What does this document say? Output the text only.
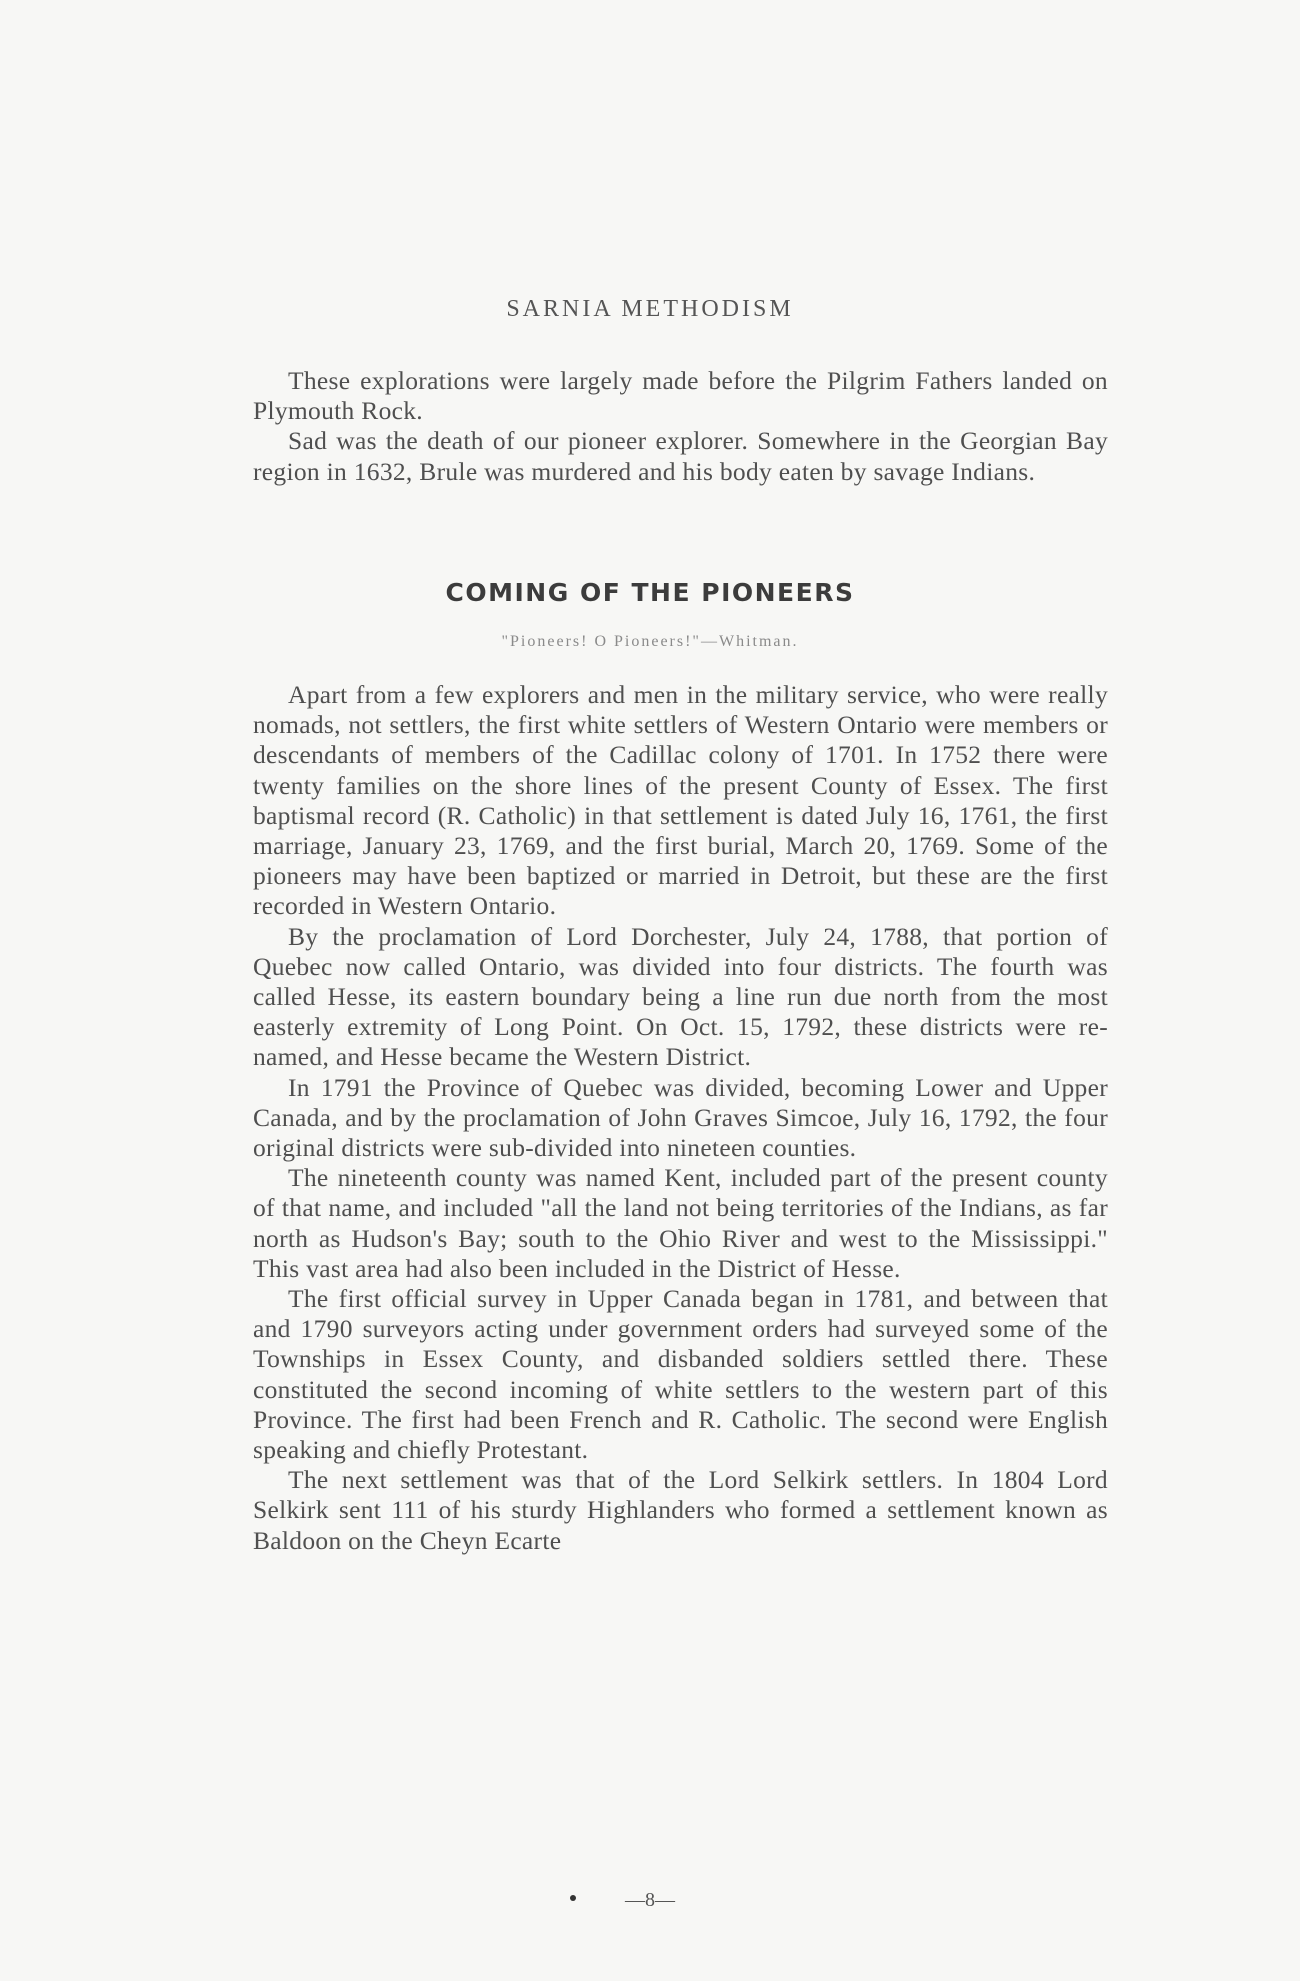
SARNIA METHODISM

These explorations were largely made before the Pilgrim Fathers landed on Plymouth Rock.

Sad was the death of our pioneer explorer. Somewhere in the Georgian Bay region in 1632, Brule was murdered and his body eaten by savage Indians.

COMING OF THE PIONEERS
"Pioneers! O Pioneers!"—Whitman.

Apart from a few explorers and men in the military service, who were really nomads, not settlers, the first white settlers of Western Ontario were members or descendants of members of the Cadillac colony of 1701. In 1752 there were twenty families on the shore lines of the present County of Essex. The first baptismal record (R. Catholic) in that settlement is dated July 16, 1761, the first marriage, January 23, 1769, and the first burial, March 20, 1769. Some of the pioneers may have been baptized or married in Detroit, but these are the first recorded in Western Ontario.

By the proclamation of Lord Dorchester, July 24, 1788, that portion of Quebec now called Ontario, was divided into four districts. The fourth was called Hesse, its eastern boundary being a line run due north from the most easterly extremity of Long Point. On Oct. 15, 1792, these districts were re-named, and Hesse became the Western District.

In 1791 the Province of Quebec was divided, becoming Lower and Upper Canada, and by the proclamation of John Graves Simcoe, July 16, 1792, the four original districts were sub-divided into nineteen counties.

The nineteenth county was named Kent, included part of the present county of that name, and included "all the land not being territories of the Indians, as far north as Hudson's Bay; south to the Ohio River and west to the Mississippi." This vast area had also been included in the District of Hesse.

The first official survey in Upper Canada began in 1781, and between that and 1790 surveyors acting under government orders had surveyed some of the Townships in Essex County, and disbanded soldiers settled there. These constituted the second incoming of white settlers to the western part of this Province. The first had been French and R. Catholic. The second were English speaking and chiefly Protestant.

The next settlement was that of the Lord Selkirk settlers. In 1804 Lord Selkirk sent 111 of his sturdy Highlanders who formed a settlement known as Baldoon on the Cheyn Ecarte

—8—
